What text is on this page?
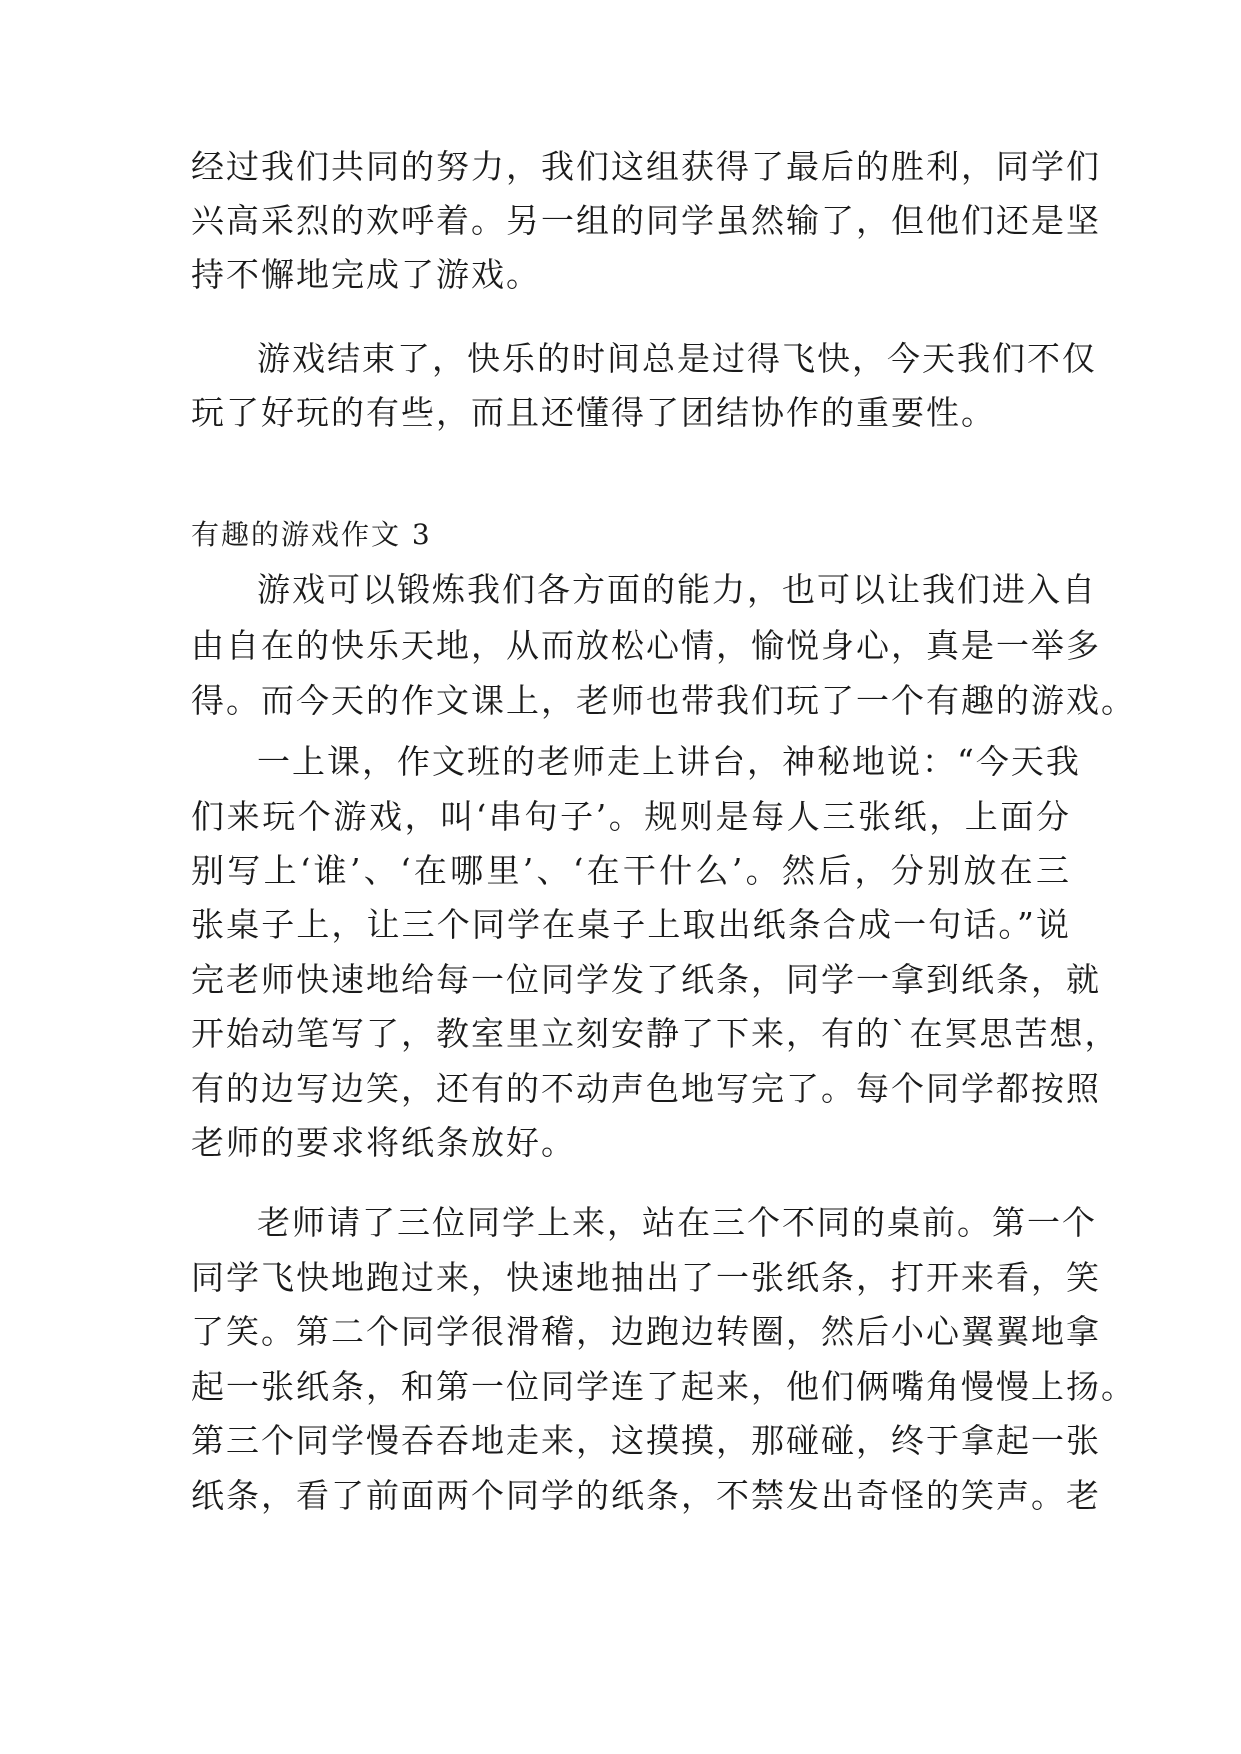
经过我们共同的努力，我们这组获得了最后的胜利，同学们
兴高采烈的欢呼着。另一组的同学虽然输了，但他们还是坚
持不懈地完成了游戏。
游戏结束了，快乐的时间总是过得飞快，今天我们不仅
玩了好玩的有些，而且还懂得了团结协作的重要性。
有趣的游戏作文 3
游戏可以锻炼我们各方面的能力，也可以让我们进入自
由自在的快乐天地，从而放松心情，愉悦身心，真是一举多
得。而今天的作文课上，老师也带我们玩了一个有趣的游戏。
一上课，作文班的老师走上讲台，神秘地说：“今天我
们来玩个游戏，叫‘串句子’。规则是每人三张纸，上面分
别写上‘谁’、‘在哪里’、‘在干什么’。然后，分别放在三
张桌子上，让三个同学在桌子上取出纸条合成一句话。”说
完老师快速地给每一位同学发了纸条，同学一拿到纸条，就
开始动笔写了，教室里立刻安静了下来，有的`在冥思苦想，
有的边写边笑，还有的不动声色地写完了。每个同学都按照
老师的要求将纸条放好。
老师请了三位同学上来，站在三个不同的桌前。第一个
同学飞快地跑过来，快速地抽出了一张纸条，打开来看，笑
了笑。第二个同学很滑稽，边跑边转圈，然后小心翼翼地拿
起一张纸条，和第一位同学连了起来，他们俩嘴角慢慢上扬。
第三个同学慢吞吞地走来，这摸摸，那碰碰，终于拿起一张
纸条，看了前面两个同学的纸条，不禁发出奇怪的笑声。老
